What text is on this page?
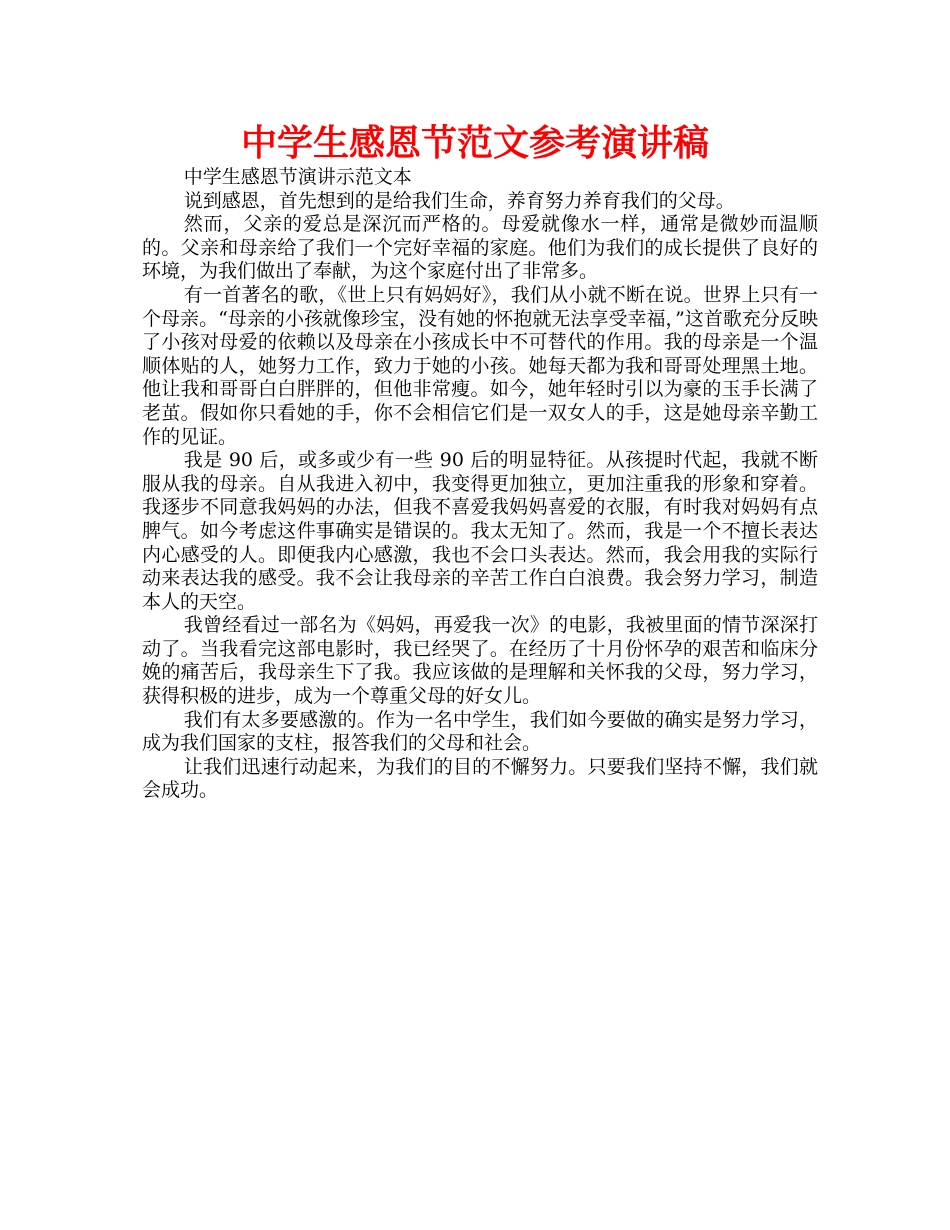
中学生感恩节范文参考演讲稿

中学生感恩节演讲示范文本

说到感恩，首先想到的是给我们生命，养育努力养育我们的父母。

然而，父亲的爱总是深沉而严格的。母爱就像水一样，通常是微妙而温顺的。父亲和母亲给了我们一个完好幸福的家庭。他们为我们的成长提供了良好的环境，为我们做出了奉献，为这个家庭付出了非常多。

有一首著名的歌，《世上只有妈妈好》，我们从小就不断在说。世界上只有一个母亲。“母亲的小孩就像珍宝，没有她的怀抱就无法享受幸福，”这首歌充分反映了小孩对母爱的依赖以及母亲在小孩成长中不可替代的作用。我的母亲是一个温顺体贴的人，她努力工作，致力于她的小孩。她每天都为我和哥哥处理黑土地。他让我和哥哥白白胖胖的，但他非常瘦。如今，她年轻时引以为豪的玉手长满了老茧。假如你只看她的手，你不会相信它们是一双女人的手，这是她母亲辛勤工作的见证。

我是 90 后，或多或少有一些 90 后的明显特征。从孩提时代起，我就不断服从我的母亲。自从我进入初中，我变得更加独立，更加注重我的形象和穿着。我逐步不同意我妈妈的办法，但我不喜爱我妈妈喜爱的衣服，有时我对妈妈有点脾气。如今考虑这件事确实是错误的。我太无知了。然而，我是一个不擅长表达内心感受的人。即便我内心感激，我也不会口头表达。然而，我会用我的实际行动来表达我的感受。我不会让我母亲的辛苦工作白白浪费。我会努力学习，制造本人的天空。

我曾经看过一部名为《妈妈，再爱我一次》的电影，我被里面的情节深深打动了。当我看完这部电影时，我已经哭了。在经历了十月份怀孕的艰苦和临床分娩的痛苦后，我母亲生下了我。我应该做的是理解和关怀我的父母，努力学习，获得积极的进步，成为一个尊重父母的好女儿。

我们有太多要感激的。作为一名中学生，我们如今要做的确实是努力学习，成为我们国家的支柱，报答我们的父母和社会。

让我们迅速行动起来，为我们的目的不懈努力。只要我们坚持不懈，我们就会成功。
